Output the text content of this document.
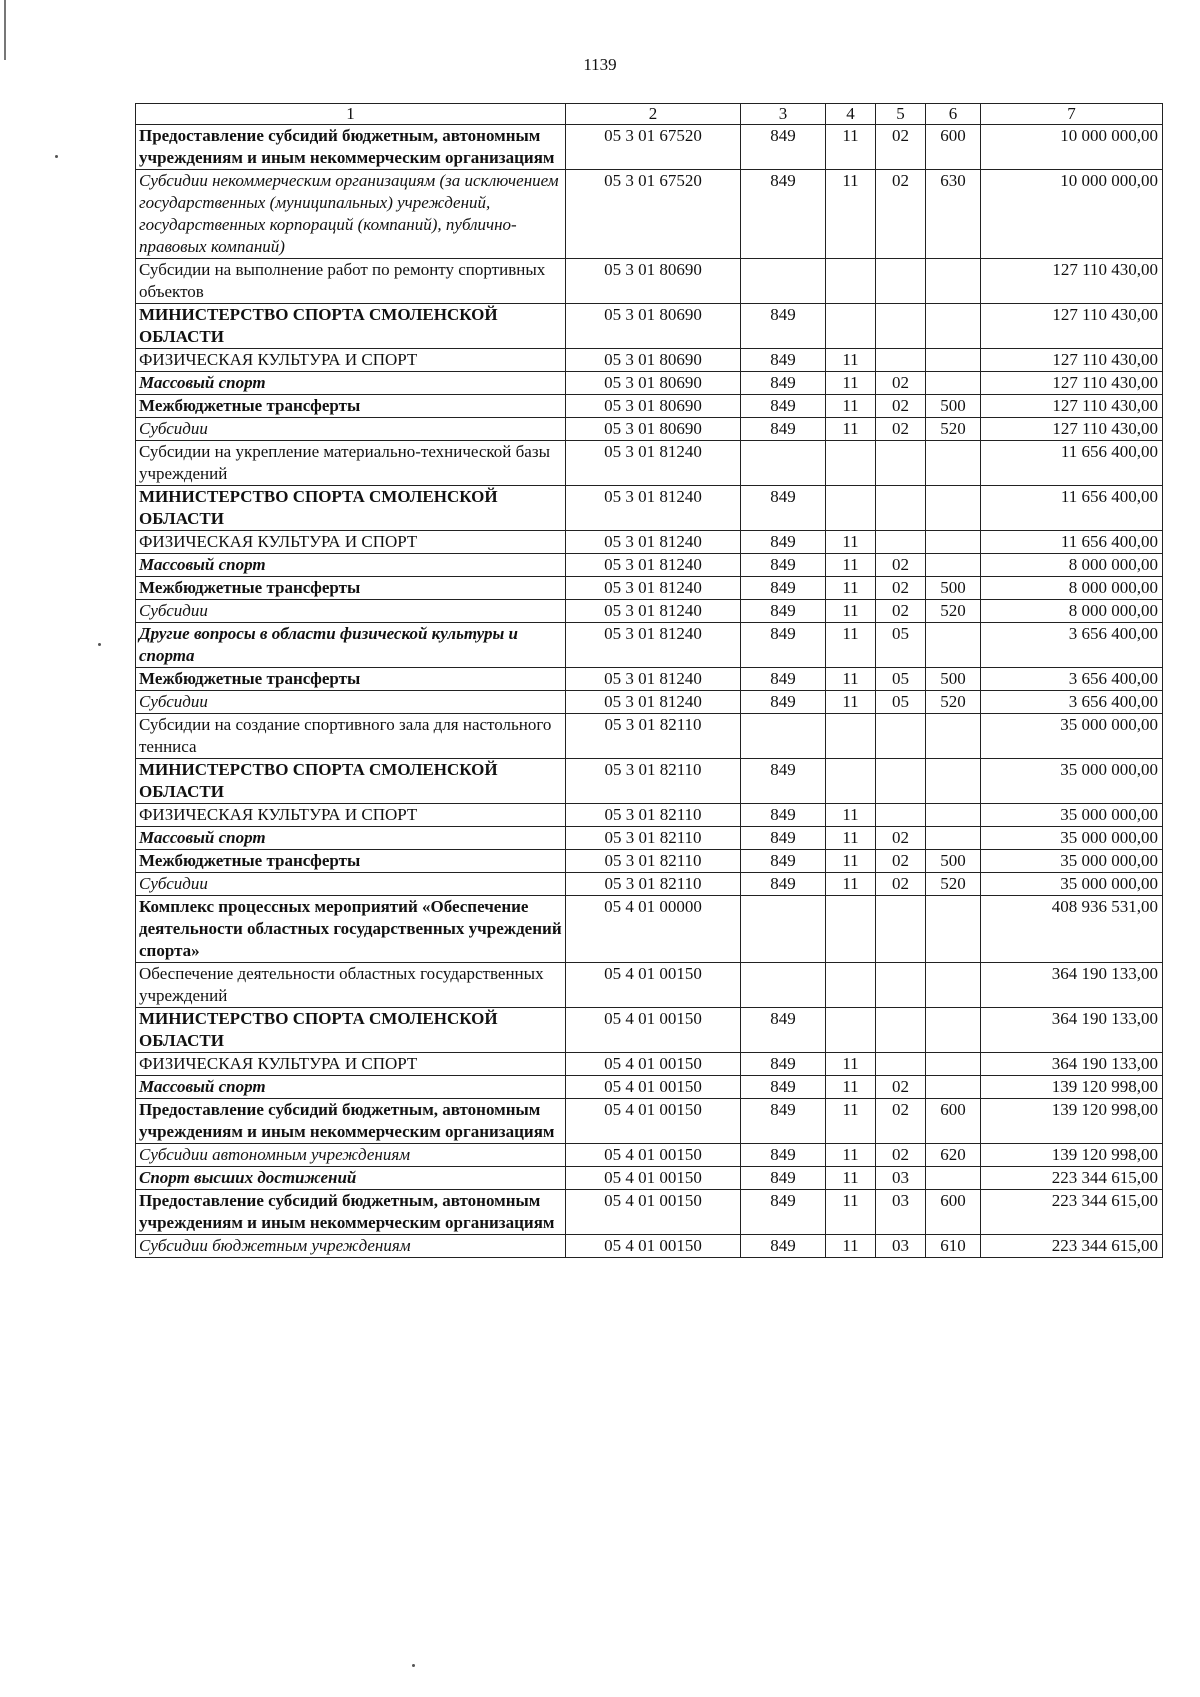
1139
1	2	3	4	5	6	7
Предоставление субсидий бюджетным, автономным учреждениям и иным некоммерческим организациям	05 3 01 67520	849	11	02	600	10 000 000,00
Субсидии некоммерческим организациям (за исключением государственных (муниципальных) учреждений, государственных корпораций (компаний), публично-правовых компаний)	05 3 01 67520	849	11	02	630	10 000 000,00
Субсидии на выполнение работ по ремонту спортивных объектов	05 3 01 80690					127 110 430,00
МИНИСТЕРСТВО СПОРТА СМОЛЕНСКОЙ ОБЛАСТИ	05 3 01 80690	849				127 110 430,00
ФИЗИЧЕСКАЯ КУЛЬТУРА И СПОРТ	05 3 01 80690	849	11			127 110 430,00
Массовый спорт	05 3 01 80690	849	11	02		127 110 430,00
Межбюджетные трансферты	05 3 01 80690	849	11	02	500	127 110 430,00
Субсидии	05 3 01 80690	849	11	02	520	127 110 430,00
Субсидии на укрепление материально-технической базы учреждений	05 3 01 81240					11 656 400,00
МИНИСТЕРСТВО СПОРТА СМОЛЕНСКОЙ ОБЛАСТИ	05 3 01 81240	849				11 656 400,00
ФИЗИЧЕСКАЯ КУЛЬТУРА И СПОРТ	05 3 01 81240	849	11			11 656 400,00
Массовый спорт	05 3 01 81240	849	11	02		8 000 000,00
Межбюджетные трансферты	05 3 01 81240	849	11	02	500	8 000 000,00
Субсидии	05 3 01 81240	849	11	02	520	8 000 000,00
Другие вопросы в области физической культуры и спорта	05 3 01 81240	849	11	05		3 656 400,00
Межбюджетные трансферты	05 3 01 81240	849	11	05	500	3 656 400,00
Субсидии	05 3 01 81240	849	11	05	520	3 656 400,00
Субсидии на создание спортивного зала для настольного тенниса	05 3 01 82110					35 000 000,00
МИНИСТЕРСТВО СПОРТА СМОЛЕНСКОЙ ОБЛАСТИ	05 3 01 82110	849				35 000 000,00
ФИЗИЧЕСКАЯ КУЛЬТУРА И СПОРТ	05 3 01 82110	849	11			35 000 000,00
Массовый спорт	05 3 01 82110	849	11	02		35 000 000,00
Межбюджетные трансферты	05 3 01 82110	849	11	02	500	35 000 000,00
Субсидии	05 3 01 82110	849	11	02	520	35 000 000,00
Комплекс процессных мероприятий «Обеспечение деятельности областных государственных учреждений спорта»	05 4 01 00000					408 936 531,00
Обеспечение деятельности областных государственных учреждений	05 4 01 00150					364 190 133,00
МИНИСТЕРСТВО СПОРТА СМОЛЕНСКОЙ ОБЛАСТИ	05 4 01 00150	849				364 190 133,00
ФИЗИЧЕСКАЯ КУЛЬТУРА И СПОРТ	05 4 01 00150	849	11			364 190 133,00
Массовый спорт	05 4 01 00150	849	11	02		139 120 998,00
Предоставление субсидий бюджетным, автономным учреждениям и иным некоммерческим организациям	05 4 01 00150	849	11	02	600	139 120 998,00
Субсидии автономным учреждениям	05 4 01 00150	849	11	02	620	139 120 998,00
Спорт высших достижений	05 4 01 00150	849	11	03		223 344 615,00
Предоставление субсидий бюджетным, автономным учреждениям и иным некоммерческим организациям	05 4 01 00150	849	11	03	600	223 344 615,00
Субсидии бюджетным учреждениям	05 4 01 00150	849	11	03	610	223 344 615,00
